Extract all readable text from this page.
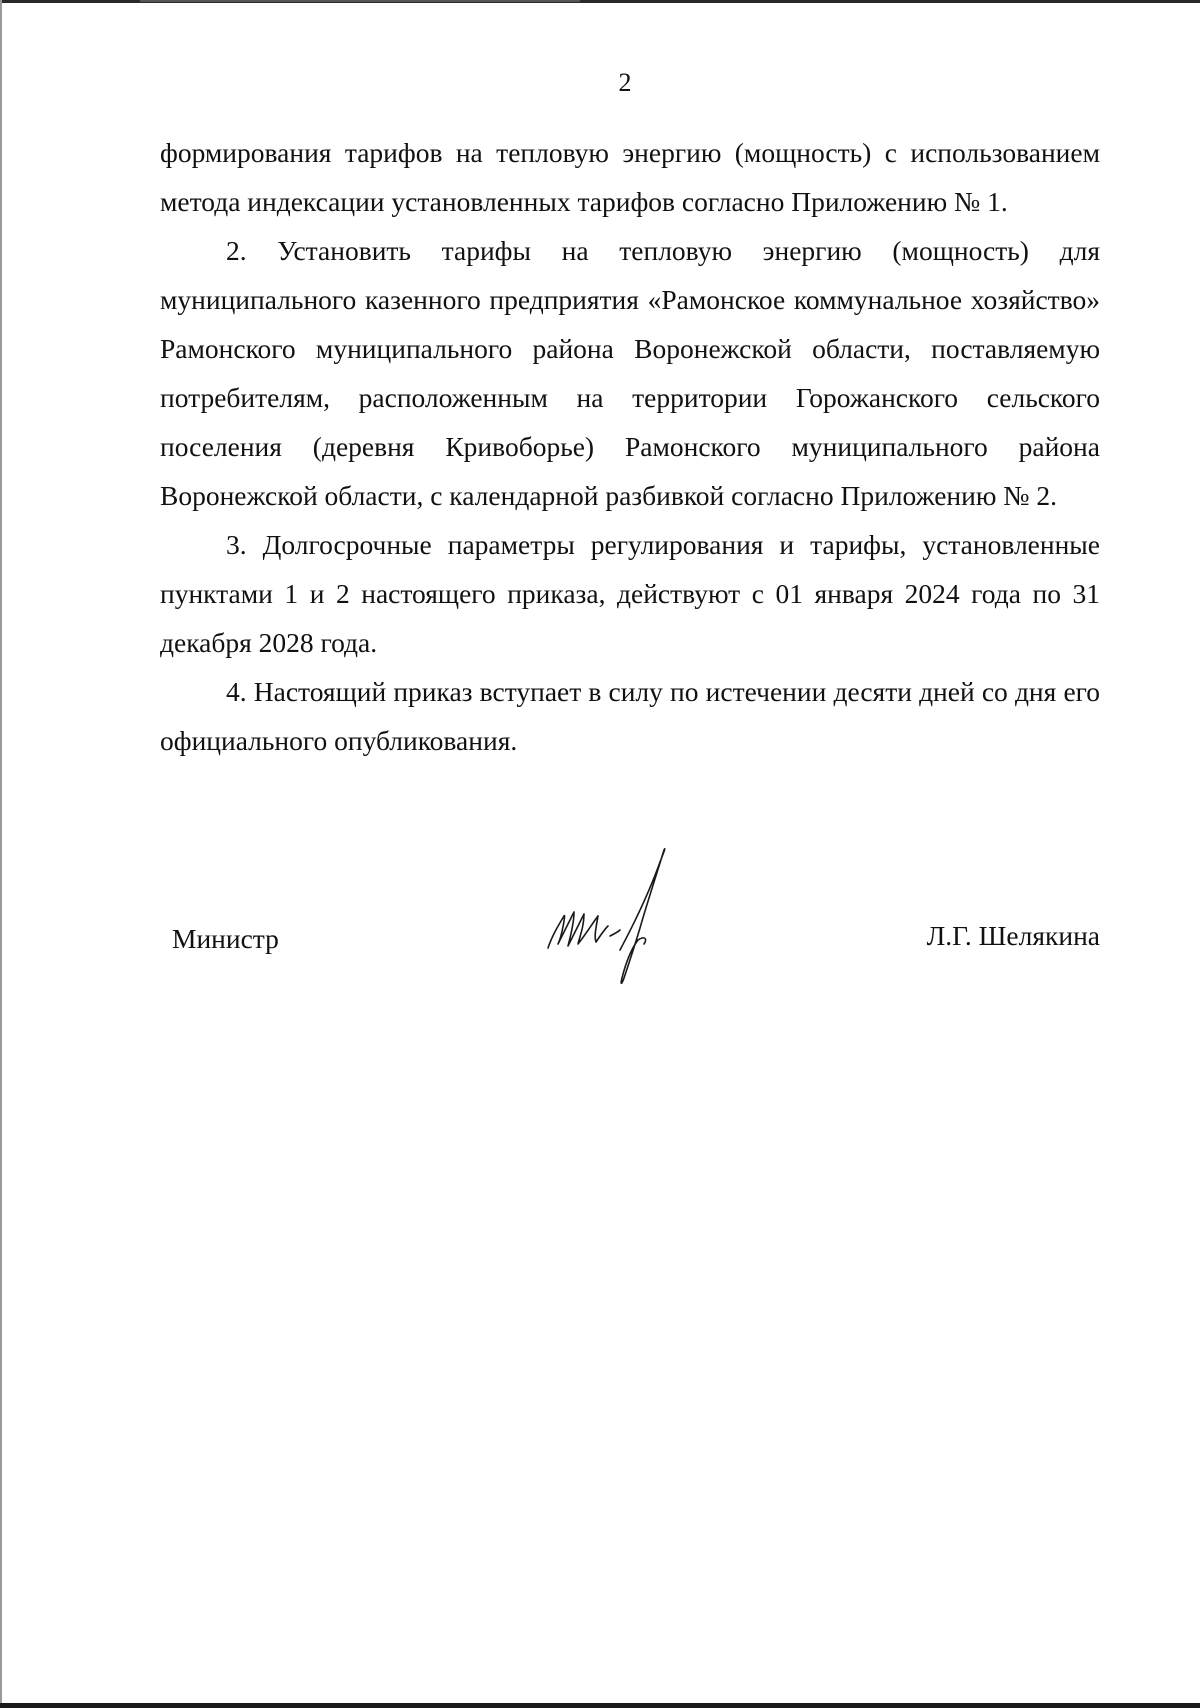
2

формирования тарифов на тепловую энергию (мощность) с использованием метода индексации установленных тарифов согласно Приложению № 1.

2. Установить тарифы на тепловую энергию (мощность) для муниципального казенного предприятия «Рамонское коммунальное хозяйство» Рамонского муниципального района Воронежской области, поставляемую потребителям, расположенным на территории Горожанского сельского поселения (деревня Кривоборье) Рамонского муниципального района Воронежской области, с календарной разбивкой согласно Приложению № 2.

3. Долгосрочные параметры регулирования и тарифы, установленные пунктами 1 и 2 настоящего приказа, действуют с 01 января 2024 года по 31 декабря 2028 года.

4. Настоящий приказ вступает в силу по истечении десяти дней со дня его официального опубликования.

Министр	Л.Г. Шелякина
